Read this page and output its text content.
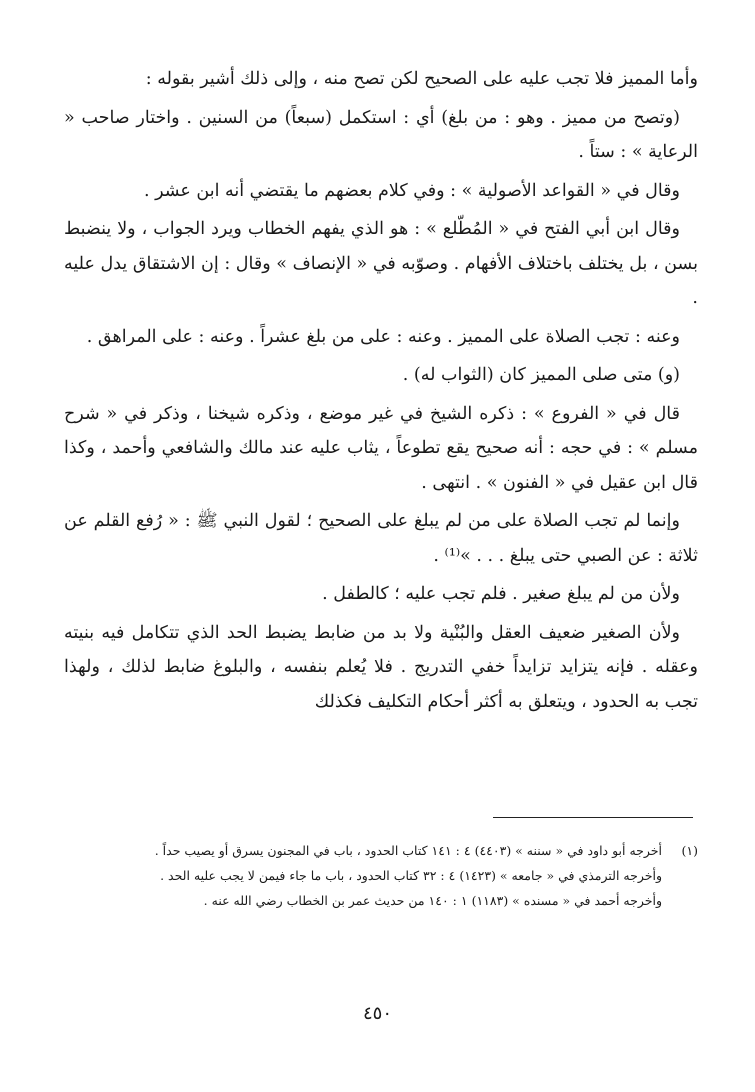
وأما المميز فلا تجب عليه على الصحيح لكن تصح منه ، وإلى ذلك أشير بقوله :

(وتصح من مميز . وهو : من بلغ) أي : استكمل (سبعاً) من السنين . واختار صاحب « الرعاية » : ستاً .

وقال في « القواعد الأصولية » : وفي كلام بعضهم ما يقتضي أنه ابن عشر .

وقال ابن أبي الفتح في « المُطّلع » : هو الذي يفهم الخطاب ويرد الجواب ، ولا ينضبط بسن ، بل يختلف باختلاف الأفهام . وصوّبه في « الإنصاف » وقال : إن الاشتقاق يدل عليه .

وعنه : تجب الصلاة على المميز . وعنه : على من بلغ عشراً . وعنه : على المراهق .

(و) متى صلى المميز كان (الثواب له) .

قال في « الفروع » : ذكره الشيخ في غير موضع ، وذكره شيخنا ، وذكر في « شرح مسلم » : في حجه : أنه صحيح يقع تطوعاً ، يثاب عليه عند مالك والشافعي وأحمد ، وكذا قال ابن عقيل في « الفنون » . انتهى .

وإنما لم تجب الصلاة على من لم يبلغ على الصحيح ؛ لقول النبي ﷺ : « رُفع القلم عن ثلاثة : عن الصبي حتى يبلغ . . . »⁽¹⁾ .

ولأن من لم يبلغ صغير . فلم تجب عليه ؛ كالطفل .

ولأن الصغير ضعيف العقل والبُنْية ولا بد من ضابط يضبط الحد الذي تتكامل فيه بنيته وعقله . فإنه يتزايد تزايداً خفي التدريج . فلا يُعلم بنفسه ، والبلوغ ضابط لذلك ، ولهذا تجب به الحدود ، ويتعلق به أكثر أحكام التكليف فكذلك

(١)أخرجه أبو داود في « سننه » (٤٤٠٣) ٤ : ١٤١ كتاب الحدود ، باب في المجنون يسرق أو يصيب حداً .

وأخرجه الترمذي في « جامعه » (١٤٢٣) ٤ : ٣٢ كتاب الحدود ، باب ما جاء فيمن لا يجب عليه الحد .

وأخرجه أحمد في « مسنده » (١١٨٣) ١ : ١٤٠ من حديث عمر بن الخطاب رضي الله عنه .

٤٥٠
